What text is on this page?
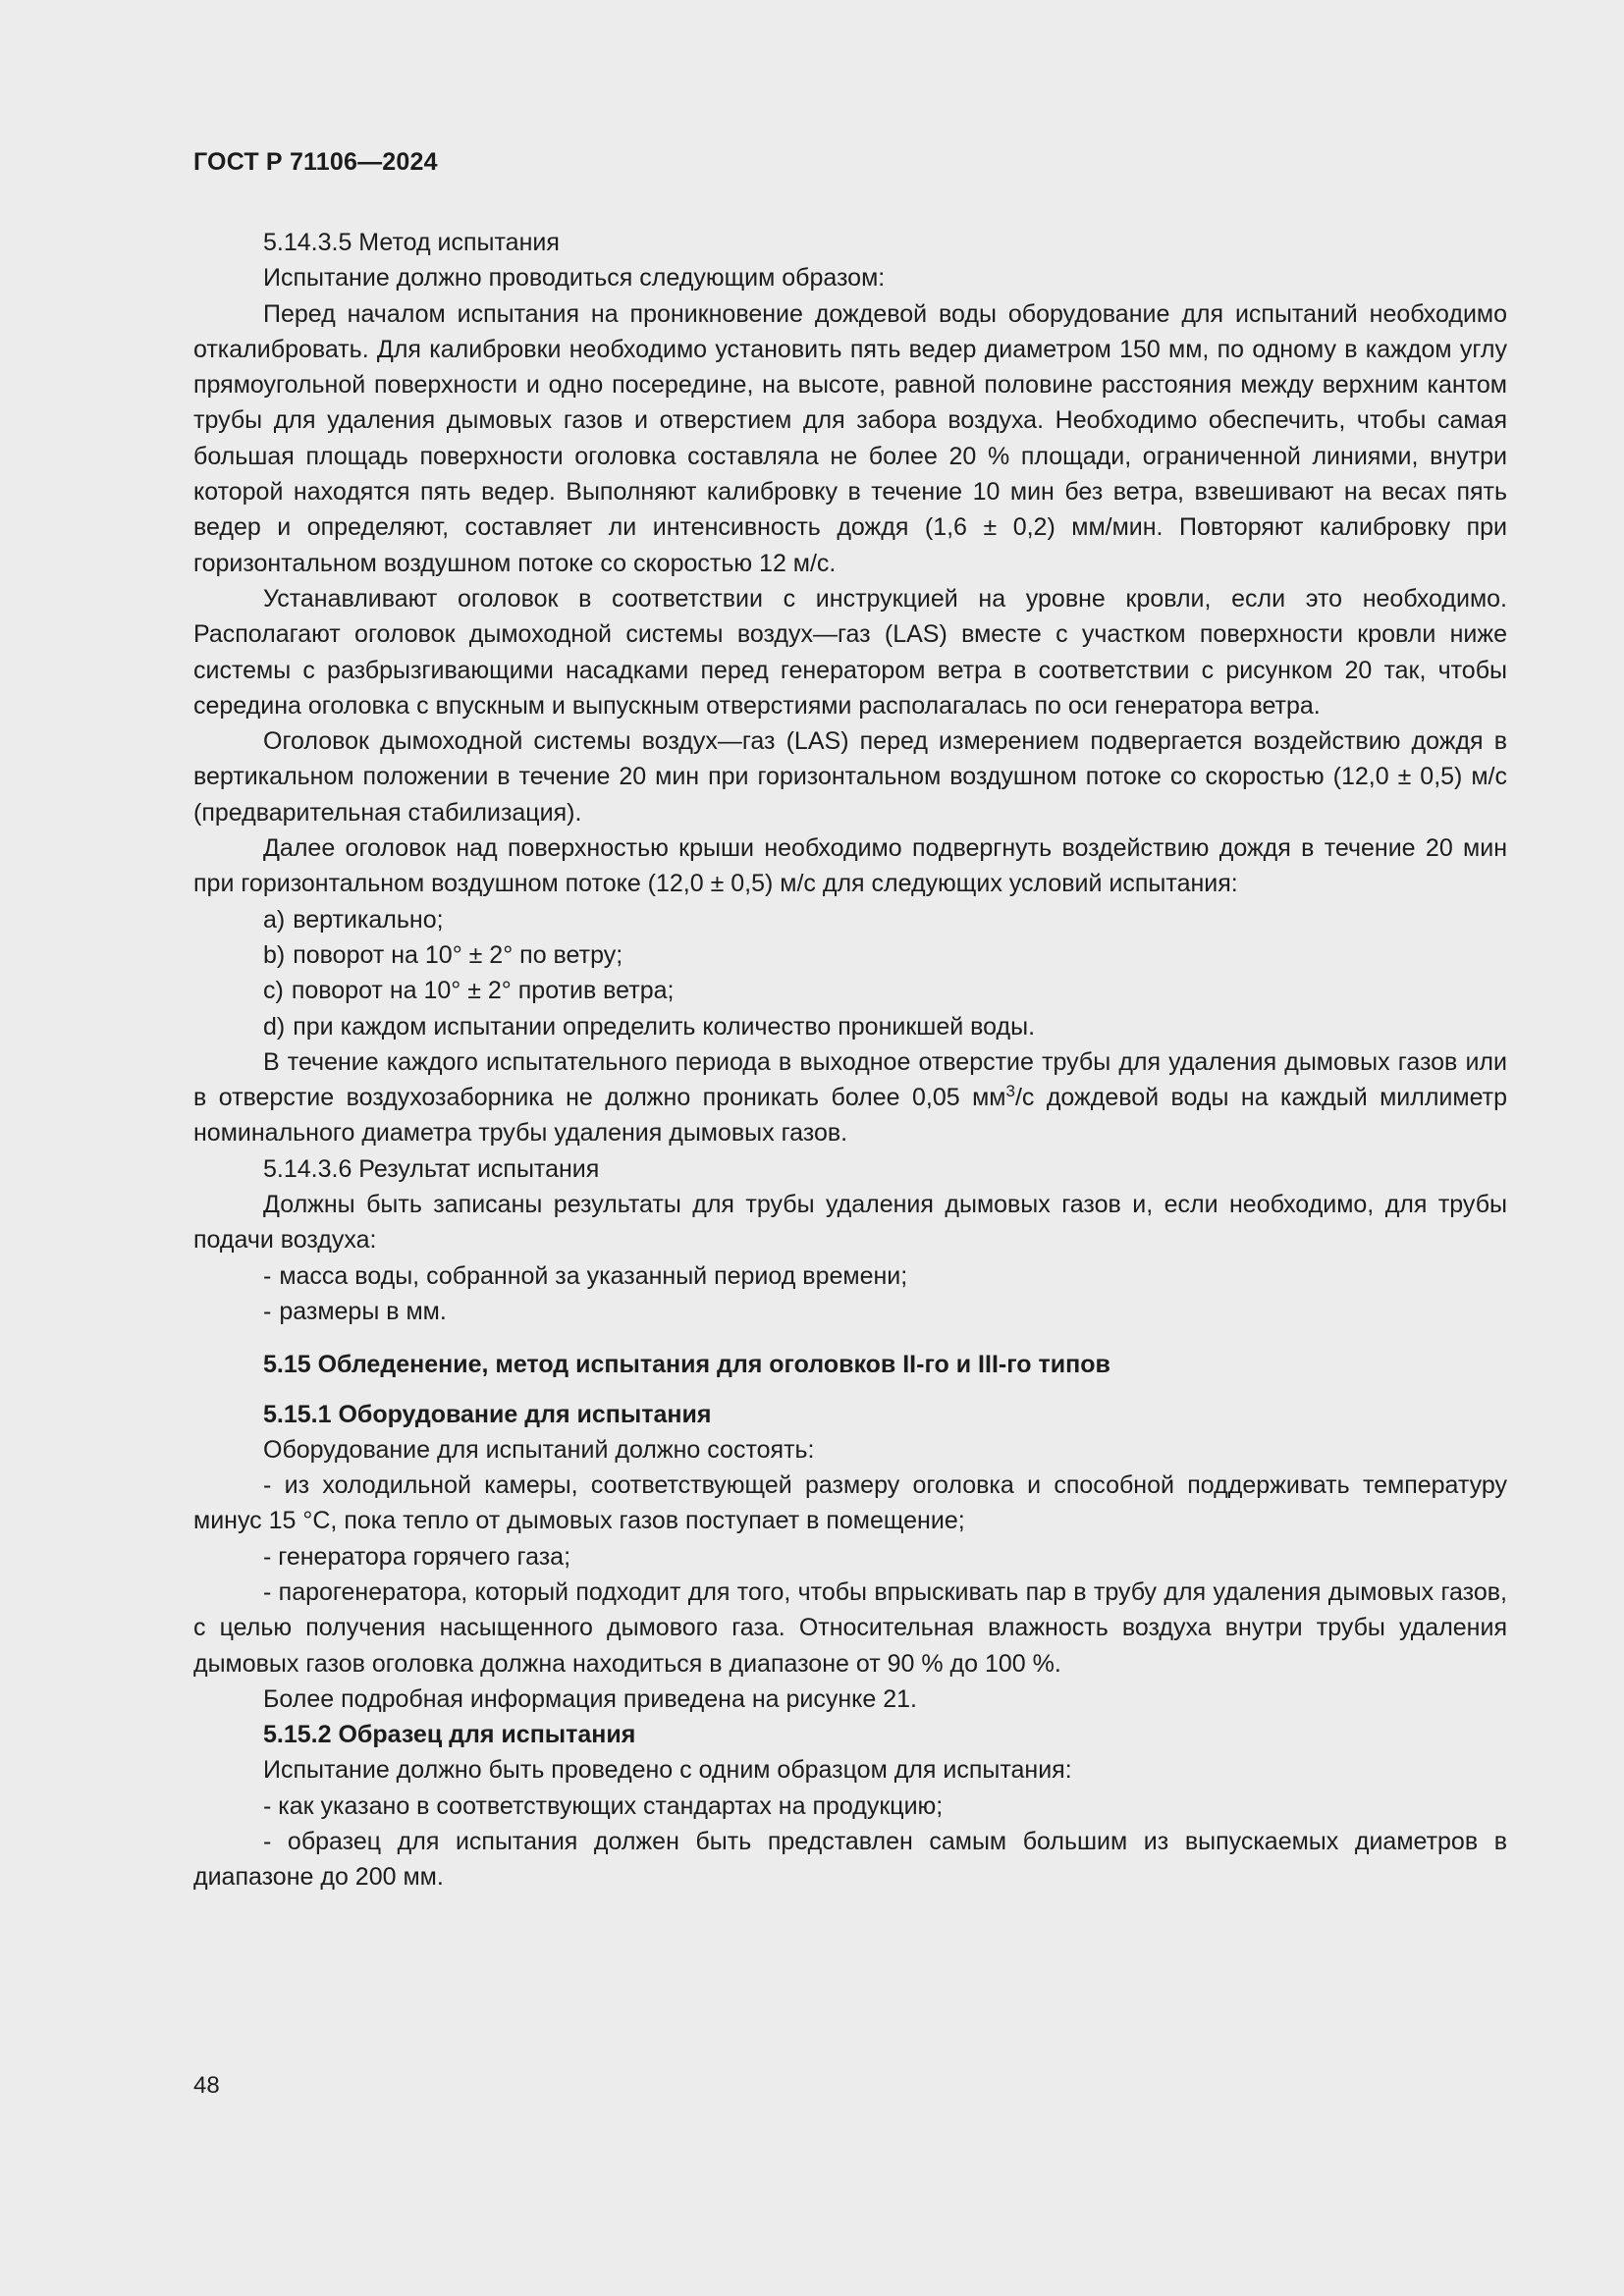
ГОСТ Р 71106—2024
5.14.3.5 Метод испытания
Испытание должно проводиться следующим образом:

Перед началом испытания на проникновение дождевой воды оборудование для испытаний необходимо откалибровать. Для калибровки необходимо установить пять ведер диаметром 150 мм, по одному в каждом углу прямоугольной поверхности и одно посередине, на высоте, равной половине расстояния между верхним кантом трубы для удаления дымовых газов и отверстием для забора воздуха. Необходимо обеспечить, чтобы самая большая площадь поверхности оголовка составляла не более 20 % площади, ограниченной линиями, внутри которой находятся пять ведер. Выполняют калибровку в течение 10 мин без ветра, взвешивают на весах пять ведер и определяют, составляет ли интенсивность дождя (1,6 ± 0,2) мм/мин. Повторяют калибровку при горизонтальном воздушном потоке со скоростью 12 м/с.

Устанавливают оголовок в соответствии с инструкцией на уровне кровли, если это необходимо. Располагают оголовок дымоходной системы воздух—газ (LAS) вместе с участком поверхности кровли ниже системы с разбрызгивающими насадками перед генератором ветра в соответствии с рисунком 20 так, чтобы середина оголовка с впускным и выпускным отверстиями располагалась по оси генератора ветра.

Оголовок дымоходной системы воздух—газ (LAS) перед измерением подвергается воздействию дождя в вертикальном положении в течение 20 мин при горизонтальном воздушном потоке со скоростью (12,0 ± 0,5) м/с (предварительная стабилизация).

Далее оголовок над поверхностью крыши необходимо подвергнуть воздействию дождя в течение 20 мин при горизонтальном воздушном потоке (12,0 ± 0,5) м/с для следующих условий испытания:

a) вертикально;
b) поворот на 10° ± 2° по ветру;
c) поворот на 10° ± 2° против ветра;
d) при каждом испытании определить количество проникшей воды.

В течение каждого испытательного периода в выходное отверстие трубы для удаления дымовых газов или в отверстие воздухозаборника не должно проникать более 0,05 $мм^3/с$ дождевой воды на каждый миллиметр номинального диаметра трубы удаления дымовых газов.

5.14.3.6 Результат испытания

Должны быть записаны результаты для трубы удаления дымовых газов и, если необходимо, для трубы подачи воздуха:

- масса воды, собранной за указанный период времени;
- размеры в мм.
5.15 Обледенение, метод испытания для оголовков II-го и III-го типов
5.15.1 Оборудование для испытания
Оборудование для испытаний должно состоять:

- из холодильной камеры, соответствующей размеру оголовка и способной поддерживать температуру минус 15 °С, пока тепло от дымовых газов поступает в помещение;

- генератора горячего газа;

- парогенератора, который подходит для того, чтобы впрыскивать пар в трубу для удаления дымовых газов, с целью получения насыщенного дымового газа. Относительная влажность воздуха внутри трубы удаления дымовых газов оголовка должна находиться в диапазоне от 90 % до 100 %.

Более подробная информация приведена на рисунке 21.

5.15.2 Образец для испытания
Испытание должно быть проведено с одним образцом для испытания:

- как указано в соответствующих стандартах на продукцию;

- образец для испытания должен быть представлен самым большим из выпускаемых диаметров в диапазоне до 200 мм.

48
